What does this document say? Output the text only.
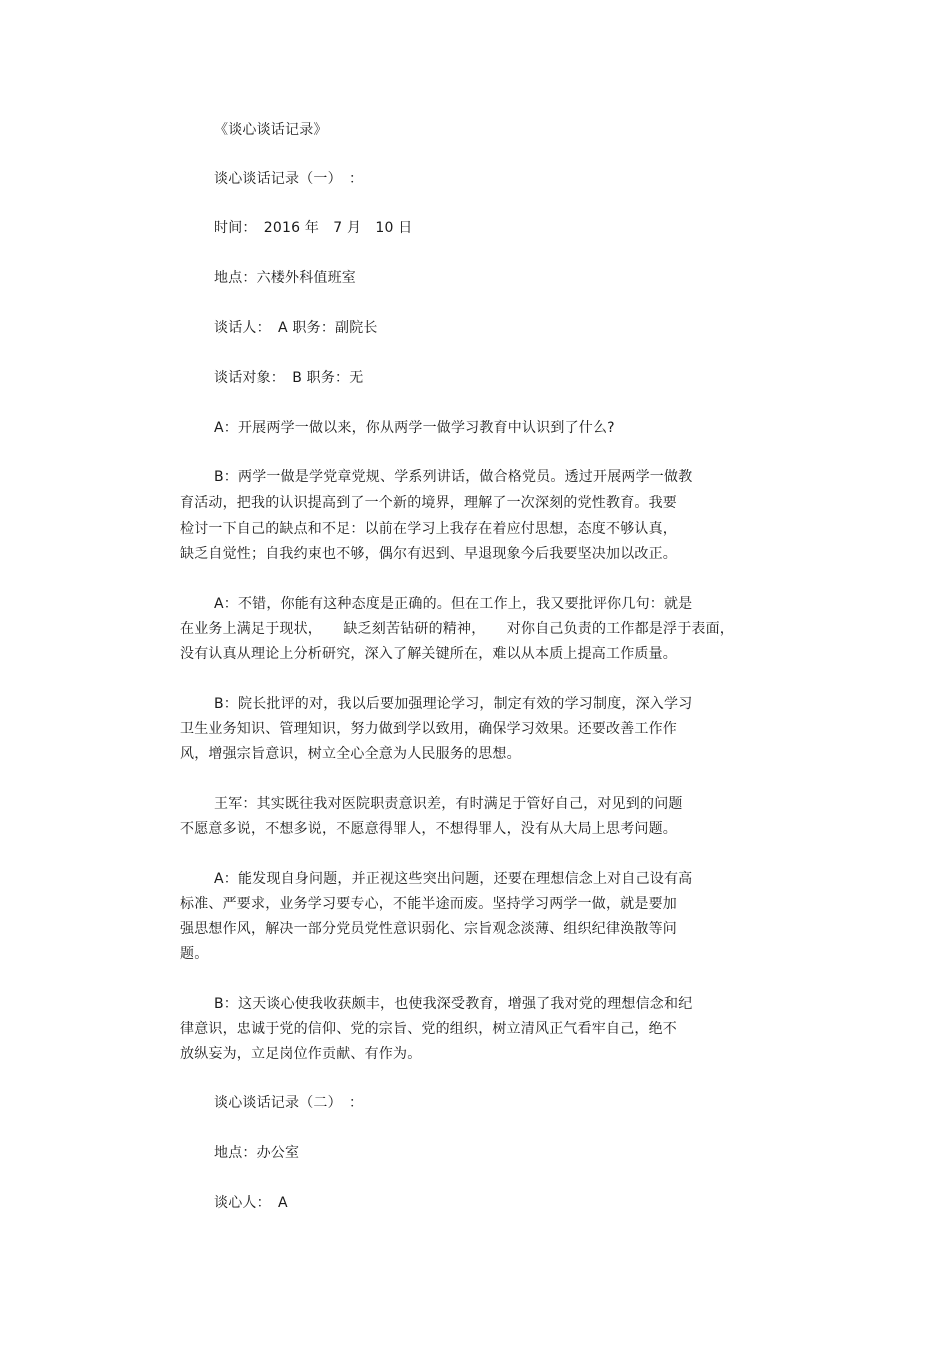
《谈心谈话记录》
谈心谈话记录（一）　：
时间：　2016 年　7 月　10 日
地点：六楼外科值班室
谈话人：　A 职务：副院长
谈话对象：　B 职务：无
A：开展两学一做以来，你从两学一做学习教育中认识到了什么?
B：两学一做是学党章党规、学系列讲话，做合格党员。透过开展两学一做教
育活动，把我的认识提高到了一个新的境界，理解了一次深刻的党性教育。我要
检讨一下自己的缺点和不足：以前在学习上我存在着应付思想，态度不够认真，
缺乏自觉性；自我约束也不够，偶尔有迟到、早退现象今后我要坚决加以改正。
A：不错，你能有这种态度是正确的。但在工作上，我又要批评你几句：就是
在业务上满足于现状，　　缺乏刻苦钻研的精神，　　对你自己负责的工作都是浮于表面，
没有认真从理论上分析研究，深入了解关键所在，难以从本质上提高工作质量。
B：院长批评的对，我以后要加强理论学习，制定有效的学习制度，深入学习
卫生业务知识、管理知识，努力做到学以致用，确保学习效果。还要改善工作作
风，增强宗旨意识，树立全心全意为人民服务的思想。
王军：其实既往我对医院职责意识差，有时满足于管好自己，对见到的问题
不愿意多说，不想多说，不愿意得罪人，不想得罪人，没有从大局上思考问题。
A：能发现自身问题，并正视这些突出问题，还要在理想信念上对自己设有高
标准、严要求，业务学习要专心，不能半途而废。坚持学习两学一做，就是要加
强思想作风，解决一部分党员党性意识弱化、宗旨观念淡薄、组织纪律涣散等问
题。
B：这天谈心使我收获颇丰，也使我深受教育，增强了我对党的理想信念和纪
律意识，忠诚于党的信仰、党的宗旨、党的组织，树立清风正气看牢自己，绝不
放纵妄为，立足岗位作贡献、有作为。
谈心谈话记录（二）　：
地点：办公室
谈心人：　A
